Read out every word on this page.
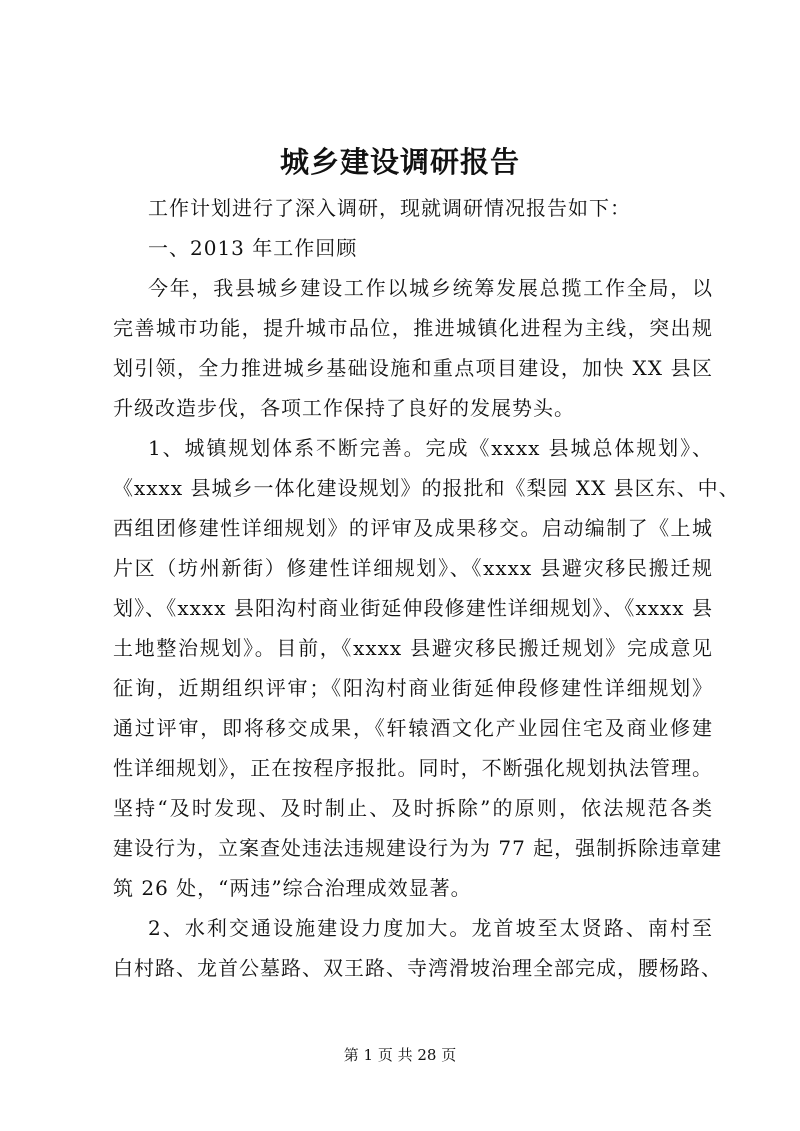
城乡建设调研报告
工作计划进行了深入调研，现就调研情况报告如下：
一、2013 年工作回顾
今年，我县城乡建设工作以城乡统筹发展总揽工作全局，以
完善城市功能，提升城市品位，推进城镇化进程为主线，突出规
划引领，全力推进城乡基础设施和重点项目建设，加快 XX 县区
升级改造步伐，各项工作保持了良好的发展势头。
1、城镇规划体系不断完善。完成《xxxx 县城总体规划》、
《xxxx 县城乡一体化建设规划》的报批和《梨园 XX 县区东、中、
西组团修建性详细规划》的评审及成果移交。启动编制了《上城
片区（坊州新街）修建性详细规划》、《xxxx 县避灾移民搬迁规
划》、《xxxx 县阳沟村商业街延伸段修建性详细规划》、《xxxx 县
土地整治规划》。目前，《xxxx 县避灾移民搬迁规划》完成意见
征询，近期组织评审；《阳沟村商业街延伸段修建性详细规划》
通过评审，即将移交成果，《轩辕酒文化产业园住宅及商业修建
性详细规划》，正在按程序报批。同时，不断强化规划执法管理。
坚持“及时发现、及时制止、及时拆除”的原则，依法规范各类
建设行为，立案查处违法违规建设行为为 77 起，强制拆除违章建
筑 26 处，“两违”综合治理成效显著。
2、水利交通设施建设力度加大。龙首坡至太贤路、南村至
白村路、龙首公墓路、双王路、寺湾滑坡治理全部完成，腰杨路、
第 1 页 共 28 页
